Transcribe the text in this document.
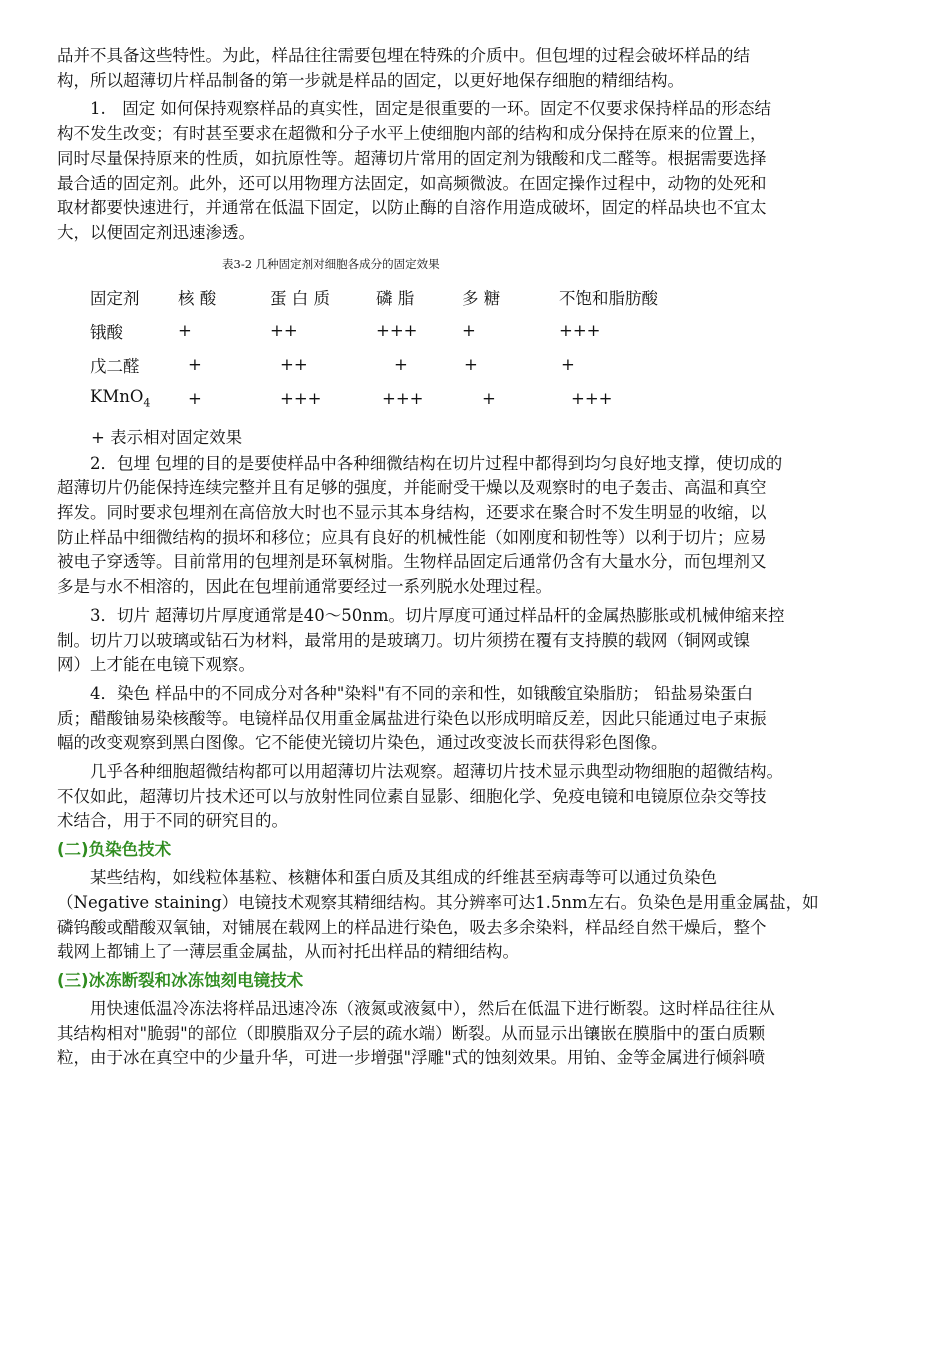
品并不具备这些特性。为此，样品往往需要包埋在特殊的介质中。但包埋的过程会破坏样品的结
构，所以超薄切片样品制备的第一步就是样品的固定，以更好地保存细胞的精细结构。

　　1.　固定 如何保持观察样品的真实性，固定是很重要的一环。固定不仅要求保持样品的形态结
构不发生改变；有时甚至要求在超微和分子水平上使细胞内部的结构和成分保持在原来的位置上，
同时尽量保持原来的性质，如抗原性等。超薄切片常用的固定剂为锇酸和戊二醛等。根据需要选择
最合适的固定剂。此外，还可以用物理方法固定，如高频微波。在固定操作过程中，动物的处死和
取材都要快速进行，并通常在低温下固定，以防止酶的自溶作用造成破坏，固定的样品块也不宜太
大，以便固定剂迅速渗透。

表3-2 几种固定剂对细胞各成分的固定效果
固定剂	核 酸	蛋 白 质	磷 脂	多 糖	不饱和脂肪酸
锇酸	+	++	+++	+	+++
戊二醛	+	++	+	+	+
KMnO$_4$	+	+++	+++	+	+++
+ 表示相对固定效果

　　2．包埋 包埋的目的是要使样品中各种细微结构在切片过程中都得到均匀良好地支撑，使切成的
超薄切片仍能保持连续完整并且有足够的强度，并能耐受干燥以及观察时的电子轰击、高温和真空
挥发。同时要求包埋剂在高倍放大时也不显示其本身结构，还要求在聚合时不发生明显的收缩，以
防止样品中细微结构的损坏和移位；应具有良好的机械性能（如刚度和韧性等）以利于切片；应易
被电子穿透等。目前常用的包埋剂是环氧树脂。生物样品固定后通常仍含有大量水分，而包埋剂又
多是与水不相溶的，因此在包埋前通常要经过一系列脱水处理过程。

　　3．切片 超薄切片厚度通常是40～50nm。切片厚度可通过样品杆的金属热膨胀或机械伸缩来控
制。切片刀以玻璃或钻石为材料，最常用的是玻璃刀。切片须捞在覆有支持膜的载网（铜网或镍
网）上才能在电镜下观察。

　　4．染色 样品中的不同成分对各种"染料"有不同的亲和性，如锇酸宜染脂肪； 铅盐易染蛋白
质；醋酸铀易染核酸等。电镜样品仅用重金属盐进行染色以形成明暗反差，因此只能通过电子束振
幅的改变观察到黑白图像。它不能使光镜切片染色，通过改变波长而获得彩色图像。

　　几乎各种细胞超微结构都可以用超薄切片法观察。超薄切片技术显示典型动物细胞的超微结构。
不仅如此，超薄切片技术还可以与放射性同位素自显影、细胞化学、免疫电镜和电镜原位杂交等技
术结合，用于不同的研究目的。

(二)负染色技术

　　某些结构，如线粒体基粒、核糖体和蛋白质及其组成的纤维甚至病毒等可以通过负染色
（Negative staining）电镜技术观察其精细结构。其分辨率可达1.5nm左右。负染色是用重金属盐，如
磷钨酸或醋酸双氧铀，对铺展在载网上的样品进行染色，吸去多余染料，样品经自然干燥后，整个
载网上都铺上了一薄层重金属盐，从而衬托出样品的精细结构。

(三)冰冻断裂和冰冻蚀刻电镜技术

　　用快速低温冷冻法将样品迅速冷冻（液氮或液氦中），然后在低温下进行断裂。这时样品往往从
其结构相对"脆弱"的部位（即膜脂双分子层的疏水端）断裂。从而显示出镶嵌在膜脂中的蛋白质颗
粒，由于冰在真空中的少量升华，可进一步增强"浮雕"式的蚀刻效果。用铂、金等金属进行倾斜喷
